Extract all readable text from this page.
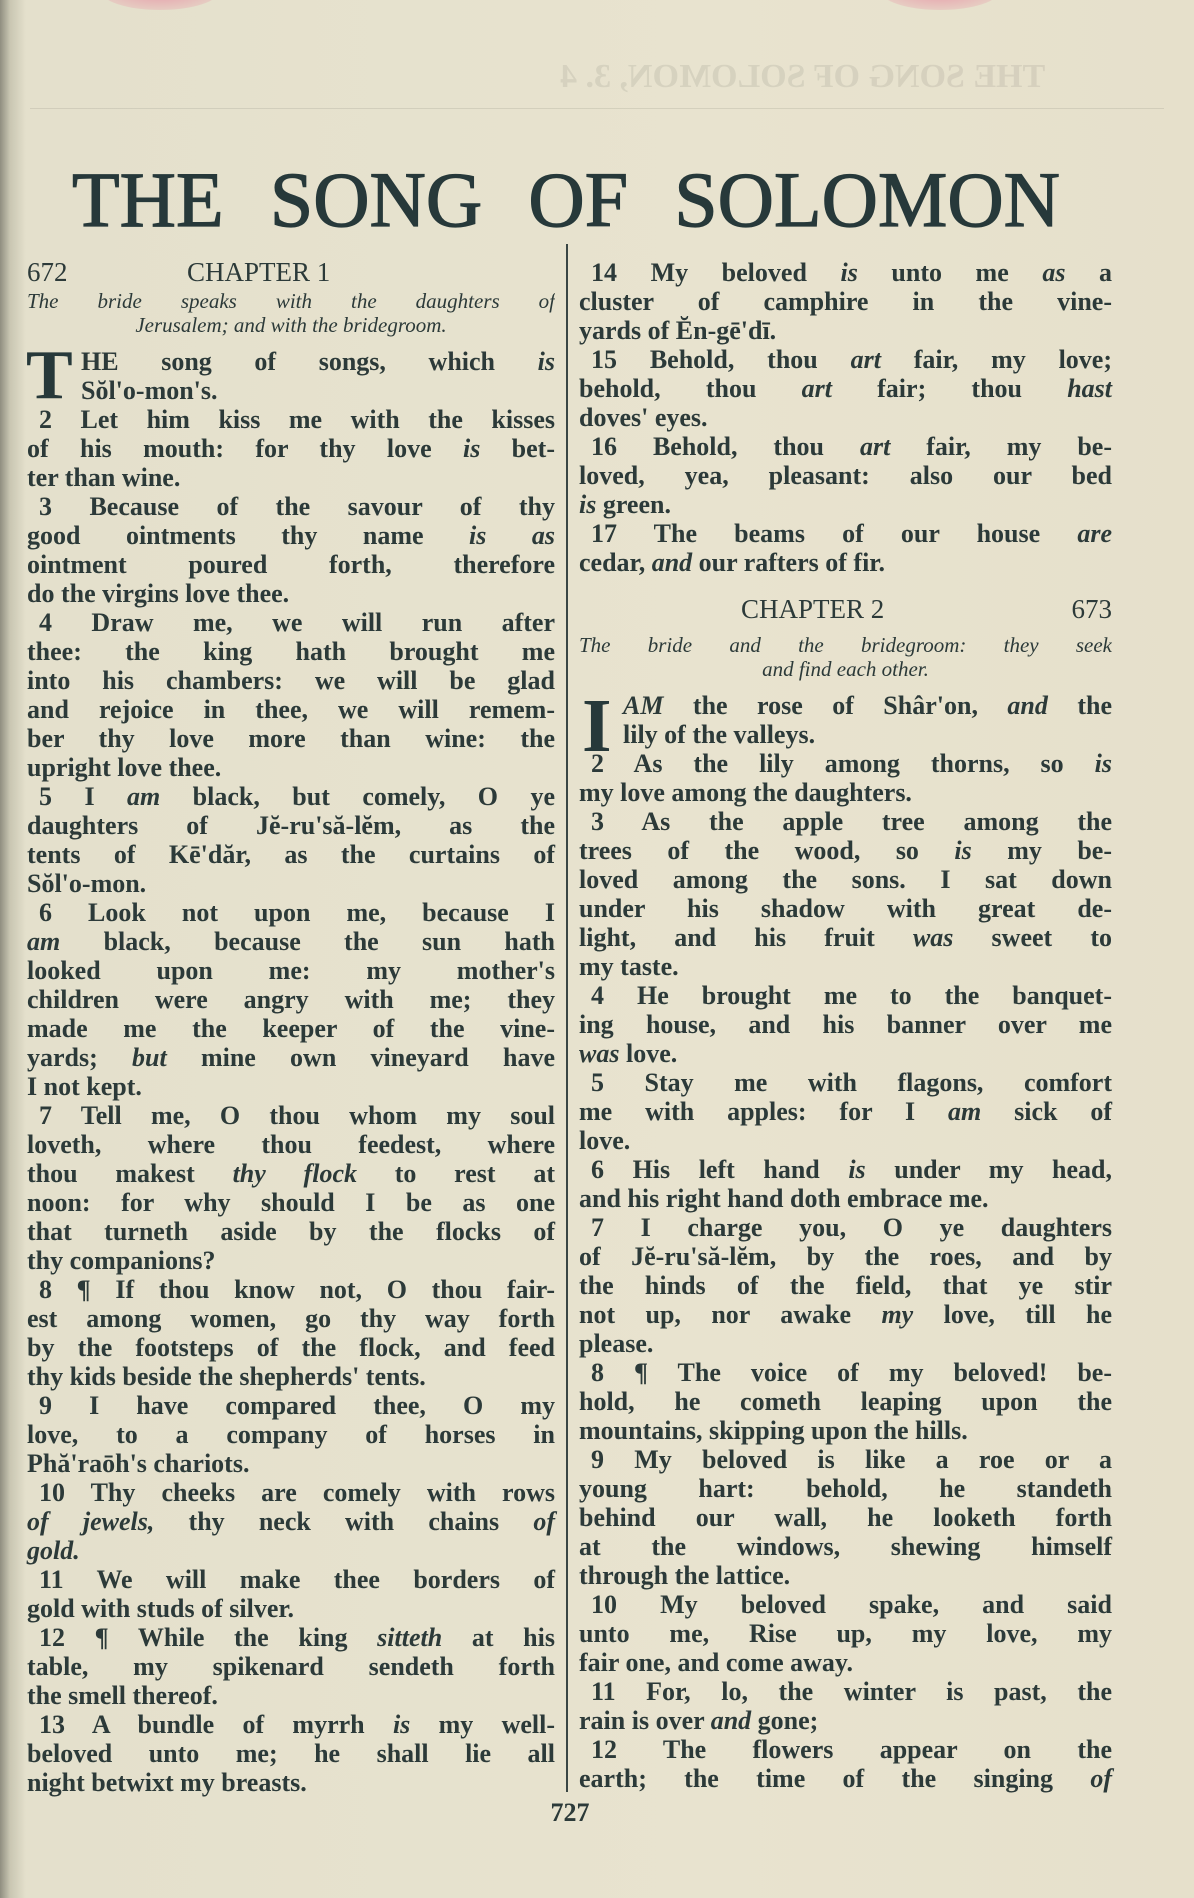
THE SONG OF SOLOMON, 3. 4
THE SONG OF SOLOMON
672	CHAPTER 1
The bride speaks with the daughters of
Jerusalem; and with the bridegroom.
T HE song of songs, which is
Sŏl'o-mon's.
2 Let him kiss me with the kisses
of his mouth: for thy love is bet-
ter than wine.
3 Because of the savour of thy
good ointments thy name is as
ointment poured forth, therefore
do the virgins love thee.
4 Draw me, we will run after
thee: the king hath brought me
into his chambers: we will be glad
and rejoice in thee, we will remem-
ber thy love more than wine: the
upright love thee.
5 I am black, but comely, O ye
daughters of Jĕ-ru'să-lĕm, as the
tents of Kē'dăr, as the curtains of
Sŏl'o-mon.
6 Look not upon me, because I
am black, because the sun hath
looked upon me: my mother's
children were angry with me; they
made me the keeper of the vine-
yards; but mine own vineyard have
I not kept.
7 Tell me, O thou whom my soul
loveth, where thou feedest, where
thou makest thy flock to rest at
noon: for why should I be as one
that turneth aside by the flocks of
thy companions?
8 ¶ If thou know not, O thou fair-
est among women, go thy way forth
by the footsteps of the flock, and feed
thy kids beside the shepherds' tents.
9 I have compared thee, O my
love, to a company of horses in
Phă'raōh's chariots.
10 Thy cheeks are comely with rows
of jewels, thy neck with chains of
gold.
11 We will make thee borders of
gold with studs of silver.
12 ¶ While the king sitteth at his
table, my spikenard sendeth forth
the smell thereof.
13 A bundle of myrrh is my well-
beloved unto me; he shall lie all
night betwixt my breasts.
14 My beloved is unto me as a
cluster of camphire in the vine-
yards of Ĕn-gē'dī.
15 Behold, thou art fair, my love;
behold, thou art fair; thou hast
doves' eyes.
16 Behold, thou art fair, my be-
loved, yea, pleasant: also our bed
is green.
17 The beams of our house are
cedar, and our rafters of fir.
CHAPTER 2	673
The bride and the bridegroom: they seek
and find each other.
I AM the rose of Shâr'on, and the
lily of the valleys.
2 As the lily among thorns, so is
my love among the daughters.
3 As the apple tree among the
trees of the wood, so is my be-
loved among the sons. I sat down
under his shadow with great de-
light, and his fruit was sweet to
my taste.
4 He brought me to the banquet-
ing house, and his banner over me
was love.
5 Stay me with flagons, comfort
me with apples: for I am sick of
love.
6 His left hand is under my head,
and his right hand doth embrace me.
7 I charge you, O ye daughters
of Jĕ-ru'să-lĕm, by the roes, and by
the hinds of the field, that ye stir
not up, nor awake my love, till he
please.
8 ¶ The voice of my beloved! be-
hold, he cometh leaping upon the
mountains, skipping upon the hills.
9 My beloved is like a roe or a
young hart: behold, he standeth
behind our wall, he looketh forth
at the windows, shewing himself
through the lattice.
10 My beloved spake, and said
unto me, Rise up, my love, my
fair one, and come away.
11 For, lo, the winter is past, the
rain is over and gone;
12 The flowers appear on the
earth; the time of the singing of
727
